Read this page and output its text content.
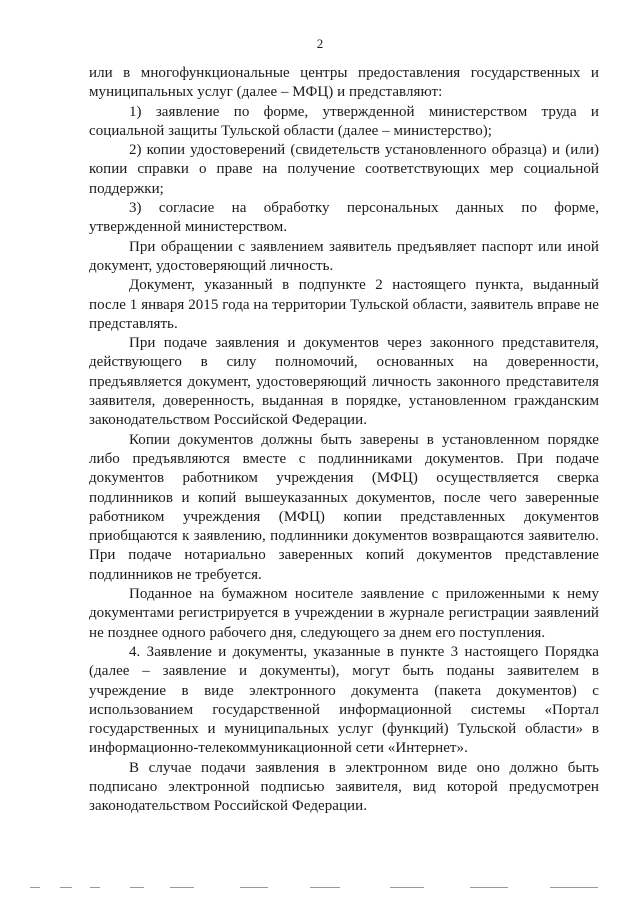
2

или в многофункциональные центры предоставления государственных и муниципальных услуг (далее – МФЦ) и представляют:

1) заявление по форме, утвержденной министерством труда и социальной защиты Тульской области (далее – министерство);

2) копии удостоверений (свидетельств установленного образца) и (или) копии справки о праве на получение соответствующих мер социальной поддержки;

3) согласие на обработку персональных данных по форме, утвержденной министерством.

При обращении с заявлением заявитель предъявляет паспорт или иной документ, удостоверяющий личность.

Документ, указанный в подпункте 2 настоящего пункта, выданный после 1 января 2015 года на территории Тульской области, заявитель вправе не представлять.

При подаче заявления и документов через законного представителя, действующего в силу полномочий, основанных на доверенности, предъявляется документ, удостоверяющий личность законного представителя заявителя, доверенность, выданная в порядке, установленном гражданским законодательством Российской Федерации.

Копии документов должны быть заверены в установленном порядке либо предъявляются вместе с подлинниками документов. При подаче документов работником учреждения (МФЦ) осуществляется сверка подлинников и копий вышеуказанных документов, после чего заверенные работником учреждения (МФЦ) копии представленных документов приобщаются к заявлению, подлинники документов возвращаются заявителю. При подаче нотариально заверенных копий документов представление подлинников не требуется.

Поданное на бумажном носителе заявление с приложенными к нему документами регистрируется в учреждении в журнале регистрации заявлений не позднее одного рабочего дня, следующего за днем его поступления.

4. Заявление и документы, указанные в пункте 3 настоящего Порядка (далее – заявление и документы), могут быть поданы заявителем в учреждение в виде электронного документа (пакета документов) с использованием государственной информационной системы «Портал государственных и муниципальных услуг (функций) Тульской области» в информационно-телекоммуникационной сети «Интернет».

В случае подачи заявления в электронном виде оно должно быть подписано электронной подписью заявителя, вид которой предусмотрен законодательством Российской Федерации.
